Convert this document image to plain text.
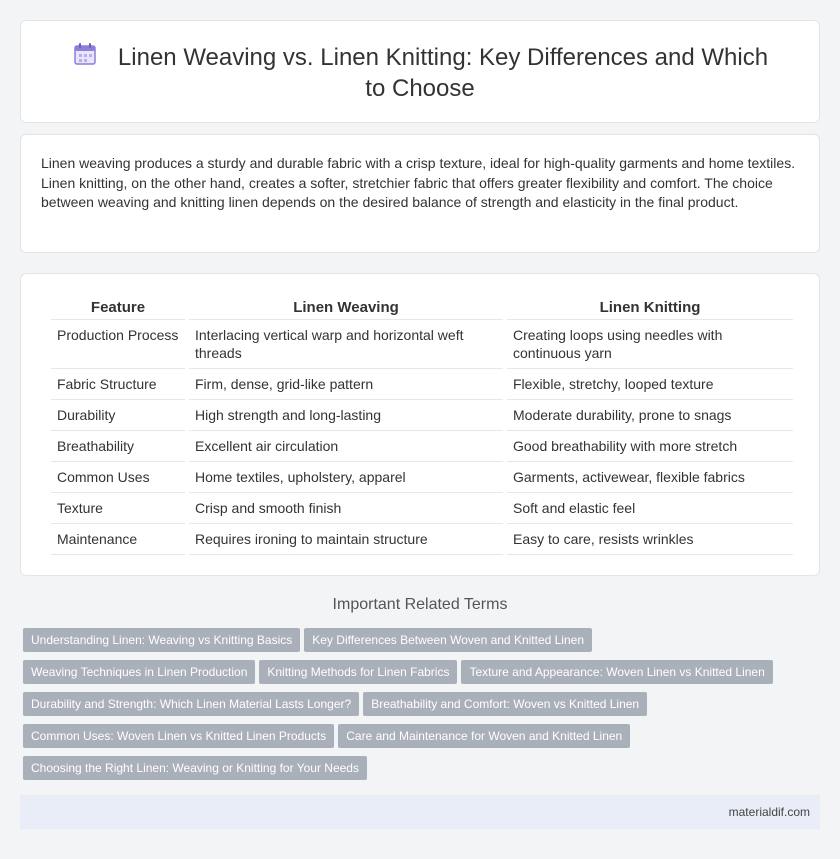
Linen Weaving vs. Linen Knitting: Key Differences and Which to Choose

Linen weaving produces a sturdy and durable fabric with a crisp texture, ideal for high-quality garments and home textiles. Linen knitting, on the other hand, creates a softer, stretchier fabric that offers greater flexibility and comfort. The choice between weaving and knitting linen depends on the desired balance of strength and elasticity in the final product.

Feature	Linen Weaving	Linen Knitting
Production Process	Interlacing vertical warp and horizontal weft threads	Creating loops using needles with continuous yarn
Fabric Structure	Firm, dense, grid-like pattern	Flexible, stretchy, looped texture
Durability	High strength and long-lasting	Moderate durability, prone to snags
Breathability	Excellent air circulation	Good breathability with more stretch
Common Uses	Home textiles, upholstery, apparel	Garments, activewear, flexible fabrics
Texture	Crisp and smooth finish	Soft and elastic feel
Maintenance	Requires ironing to maintain structure	Easy to care, resists wrinkles
Important Related Terms
Understanding Linen: Weaving vs Knitting Basics Key Differences Between Woven and Knitted Linen
Weaving Techniques in Linen Production Knitting Methods for Linen Fabrics Texture and Appearance: Woven Linen vs Knitted Linen
Durability and Strength: Which Linen Material Lasts Longer? Breathability and Comfort: Woven vs Knitted Linen
Common Uses: Woven Linen vs Knitted Linen Products Care and Maintenance for Woven and Knitted Linen
Choosing the Right Linen: Weaving or Knitting for Your Needs
materialdif.com
